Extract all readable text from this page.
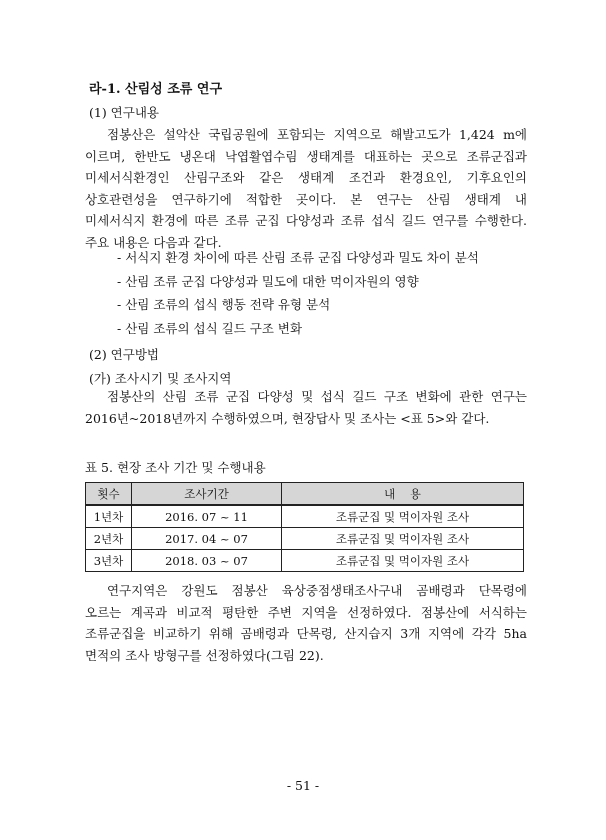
라-1. 산림성 조류 연구
(1) 연구내용

점봉산은 설악산 국립공원에 포함되는 지역으로 해발고도가 1,424 m에

이르며, 한반도 냉온대 낙엽활엽수림 생태계를 대표하는 곳으로 조류군집과

미세서식환경인 산림구조와 같은 생태계 조건과 환경요인, 기후요인의

상호관련성을 연구하기에 적합한 곳이다. 본 연구는 산림 생태계 내

미세서식지 환경에 따른 조류 군집 다양성과 조류 섭식 길드 연구를 수행한다.

주요 내용은 다음과 같다.

- 서식지 환경 차이에 따른 산림 조류 군집 다양성과 밀도 차이 분석
- 산림 조류 군집 다양성과 밀도에 대한 먹이자원의 영향
- 산림 조류의 섭식 행동 전략 유형 분석
- 산림 조류의 섭식 길드 구조 변화
(2) 연구방법
(가) 조사시기 및 조사지역

점봉산의 산림 조류 군집 다양성 및 섭식 길드 구조 변화에 관한 연구는

2016년~2018년까지 수행하였으며, 현장답사 및 조사는 <표 5>와 같다.

표 5. 현장 조사 기간 및 수행내용
횟수	조사기간	내    용
1년차	2016. 07 ~ 11	조류군집 및 먹이자원 조사
2년차	2017. 04 ~ 07	조류군집 및 먹이자원 조사
3년차	2018. 03 ~ 07	조류군집 및 먹이자원 조사

연구지역은 강원도 점봉산 육상중점생태조사구내 곰배령과 단목령에

오르는 계곡과 비교적 평탄한 주변 지역을 선정하였다. 점봉산에 서식하는

조류군집을 비교하기 위해 곰배령과 단목령, 산지습지 3개 지역에 각각 5ha

면적의 조사 방형구를 선정하였다(그림 22).

- 51 -
